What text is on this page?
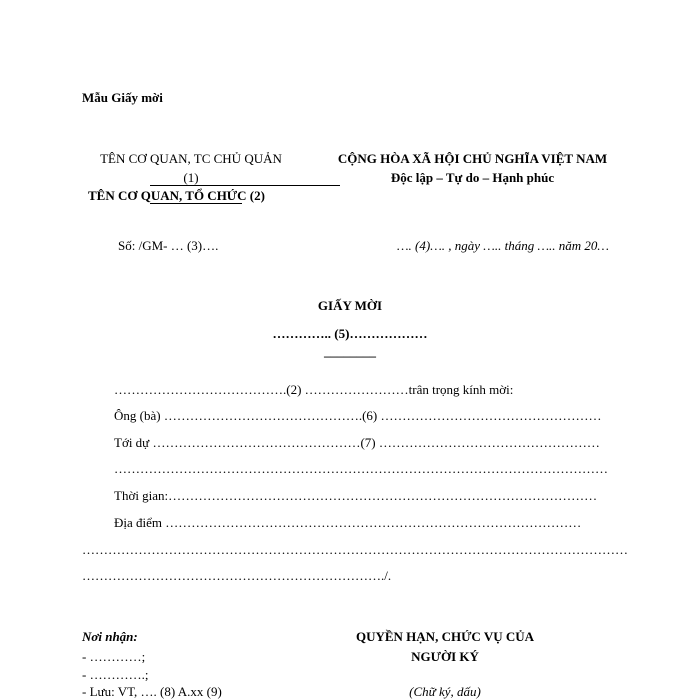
Mẫu Giấy mời
TÊN CƠ QUAN, TC CHỦ QUẢN
(1)
TÊN CƠ QUAN, TỔ CHỨC (2)
CỘNG HÒA XÃ HỘI CHỦ NGHĨA VIỆT NAM
Độc lập – Tự do – Hạnh phúc
Số: /GM- … (3)….	…. (4)…. , ngày ….. tháng ….. năm 20…
GIẤY MỜI
………….. (5)………………
––––––––
………………………………….(2) ……………………trân trọng kính mời:
Ông (bà) ……………………………………….(6) ……………………………………………
Tới dự …………………………………………(7) ……………………………………………
……………………………………………………………………………………………………
Thời gian:………………………………………………………………………………………
Địa điểm ……………………………………………………………………………………
………………………………………………………………………………………………………………
……………………………………………………………./.
Nơi nhận:
- …………;
- ………….;
- Lưu: VT, …. (8) A.xx (9)
QUYỀN HẠN, CHỨC VỤ CỦA
NGƯỜI KÝ
(Chữ ký, dấu)
